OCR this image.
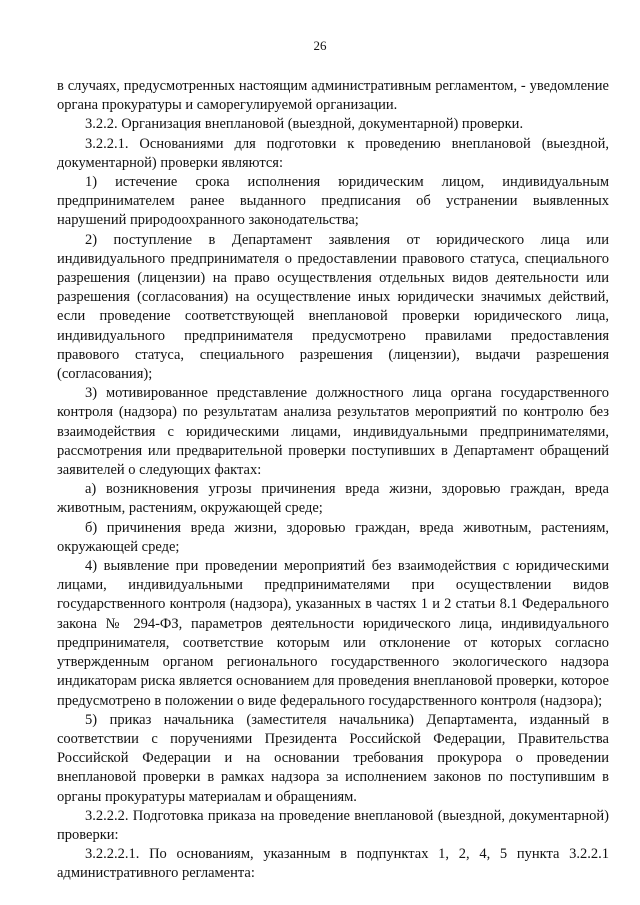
26

в случаях, предусмотренных настоящим административным регламентом, - уведомление органа прокуратуры и саморегулируемой организации.

3.2.2. Организация внеплановой (выездной, документарной) проверки.

3.2.2.1. Основаниями для подготовки к проведению внеплановой (выездной, документарной) проверки являются:

1) истечение срока исполнения юридическим лицом, индивидуальным предпринимателем ранее выданного предписания об устранении выявленных нарушений природоохранного законодательства;

2) поступление в Департамент заявления от юридического лица или индивидуального предпринимателя о предоставлении правового статуса, специального разрешения (лицензии) на право осуществления отдельных видов деятельности или разрешения (согласования) на осуществление иных юридически значимых действий, если проведение соответствующей внеплановой проверки юридического лица, индивидуального предпринимателя предусмотрено правилами предоставления правового статуса, специального разрешения (лицензии), выдачи разрешения (согласования);

3) мотивированное представление должностного лица органа государственного контроля (надзора) по результатам анализа результатов мероприятий по контролю без взаимодействия с юридическими лицами, индивидуальными предпринимателями, рассмотрения или предварительной проверки поступивших в Департамент обращений заявителей о следующих фактах:

а) возникновения угрозы причинения вреда жизни, здоровью граждан, вреда животным, растениям, окружающей среде;

б) причинения вреда жизни, здоровью граждан, вреда животным, растениям, окружающей среде;

4) выявление при проведении мероприятий без взаимодействия с юридическими лицами, индивидуальными предпринимателями при осуществлении видов государственного контроля (надзора), указанных в частях 1 и 2 статьи 8.1 Федерального закона № 294-ФЗ, параметров деятельности юридического лица, индивидуального предпринимателя, соответствие которым или отклонение от которых согласно утвержденным органом регионального государственного экологического надзора индикаторам риска является основанием для проведения внеплановой проверки, которое предусмотрено в положении о виде федерального государственного контроля (надзора);

5) приказ начальника (заместителя начальника) Департамента, изданный в соответствии с поручениями Президента Российской Федерации, Правительства Российской Федерации и на основании требования прокурора о проведении внеплановой проверки в рамках надзора за исполнением законов по поступившим в органы прокуратуры материалам и обращениям.

3.2.2.2. Подготовка приказа на проведение внеплановой (выездной, документарной) проверки:

3.2.2.2.1. По основаниям, указанным в подпунктах 1, 2, 4, 5 пункта 3.2.2.1 административного регламента:
